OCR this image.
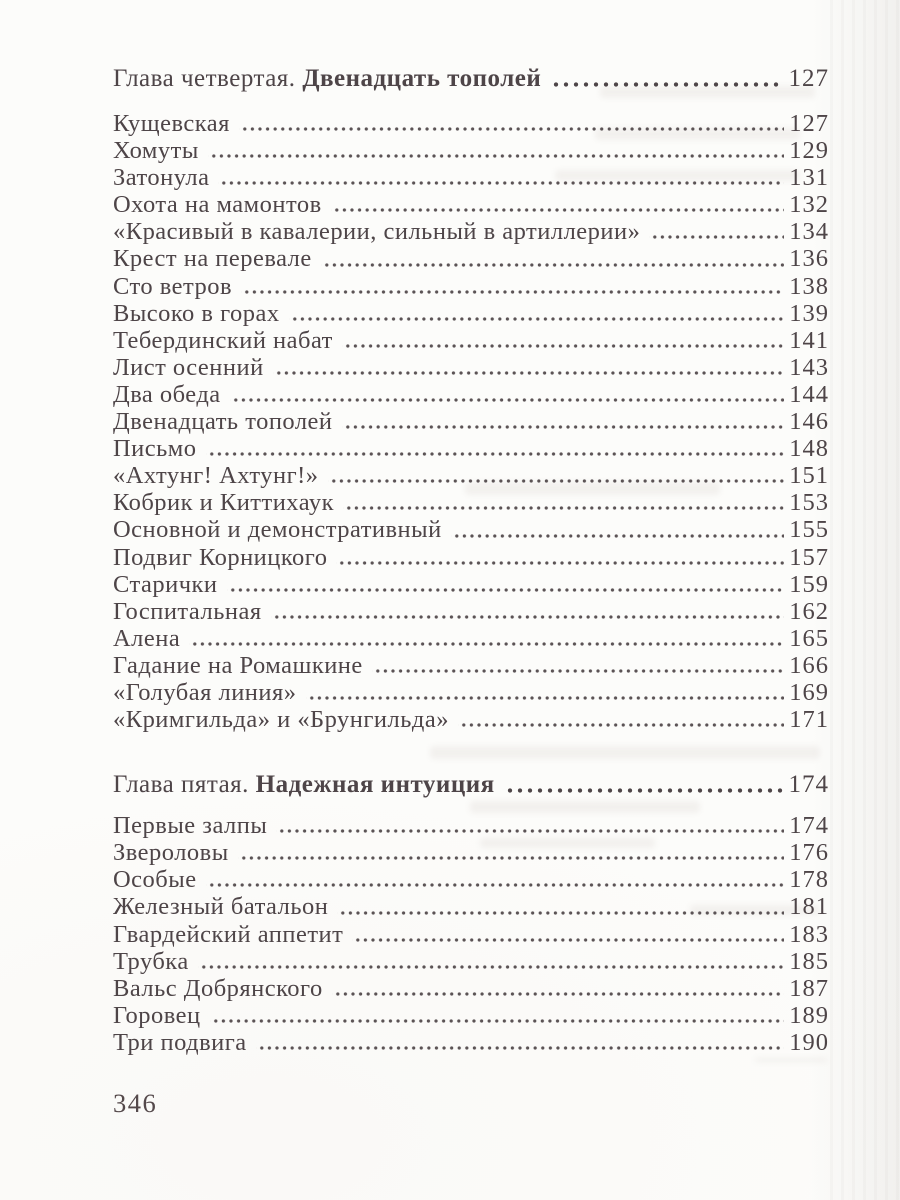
Глава четвертая. Двенадцать тополей	127
Кущевская	127
Хомуты	129
Затонула	131
Охота на мамонтов	132
«Красивый в кавалерии, сильный в артиллерии»	134
Крест на перевале	136
Сто ветров	138
Высоко в горах	139
Тебердинский набат	141
Лист осенний	143
Два обеда	144
Двенадцать тополей	146
Письмо	148
«Ахтунг! Ахтунг!»	151
Кобрик и Киттихаук	153
Основной и демонстративный	155
Подвиг Корницкого	157
Старички	159
Госпитальная	162
Алена	165
Гадание на Ромашкине	166
«Голубая линия»	169
«Кримгильда» и «Брунгильда»	171
Глава пятая. Надежная интуиция	174
Первые залпы	174
Звероловы	176
Особые	178
Железный батальон	181
Гвардейский аппетит	183
Трубка	185
Вальс Добрянского	187
Горовец	189
Три подвига	190
346
